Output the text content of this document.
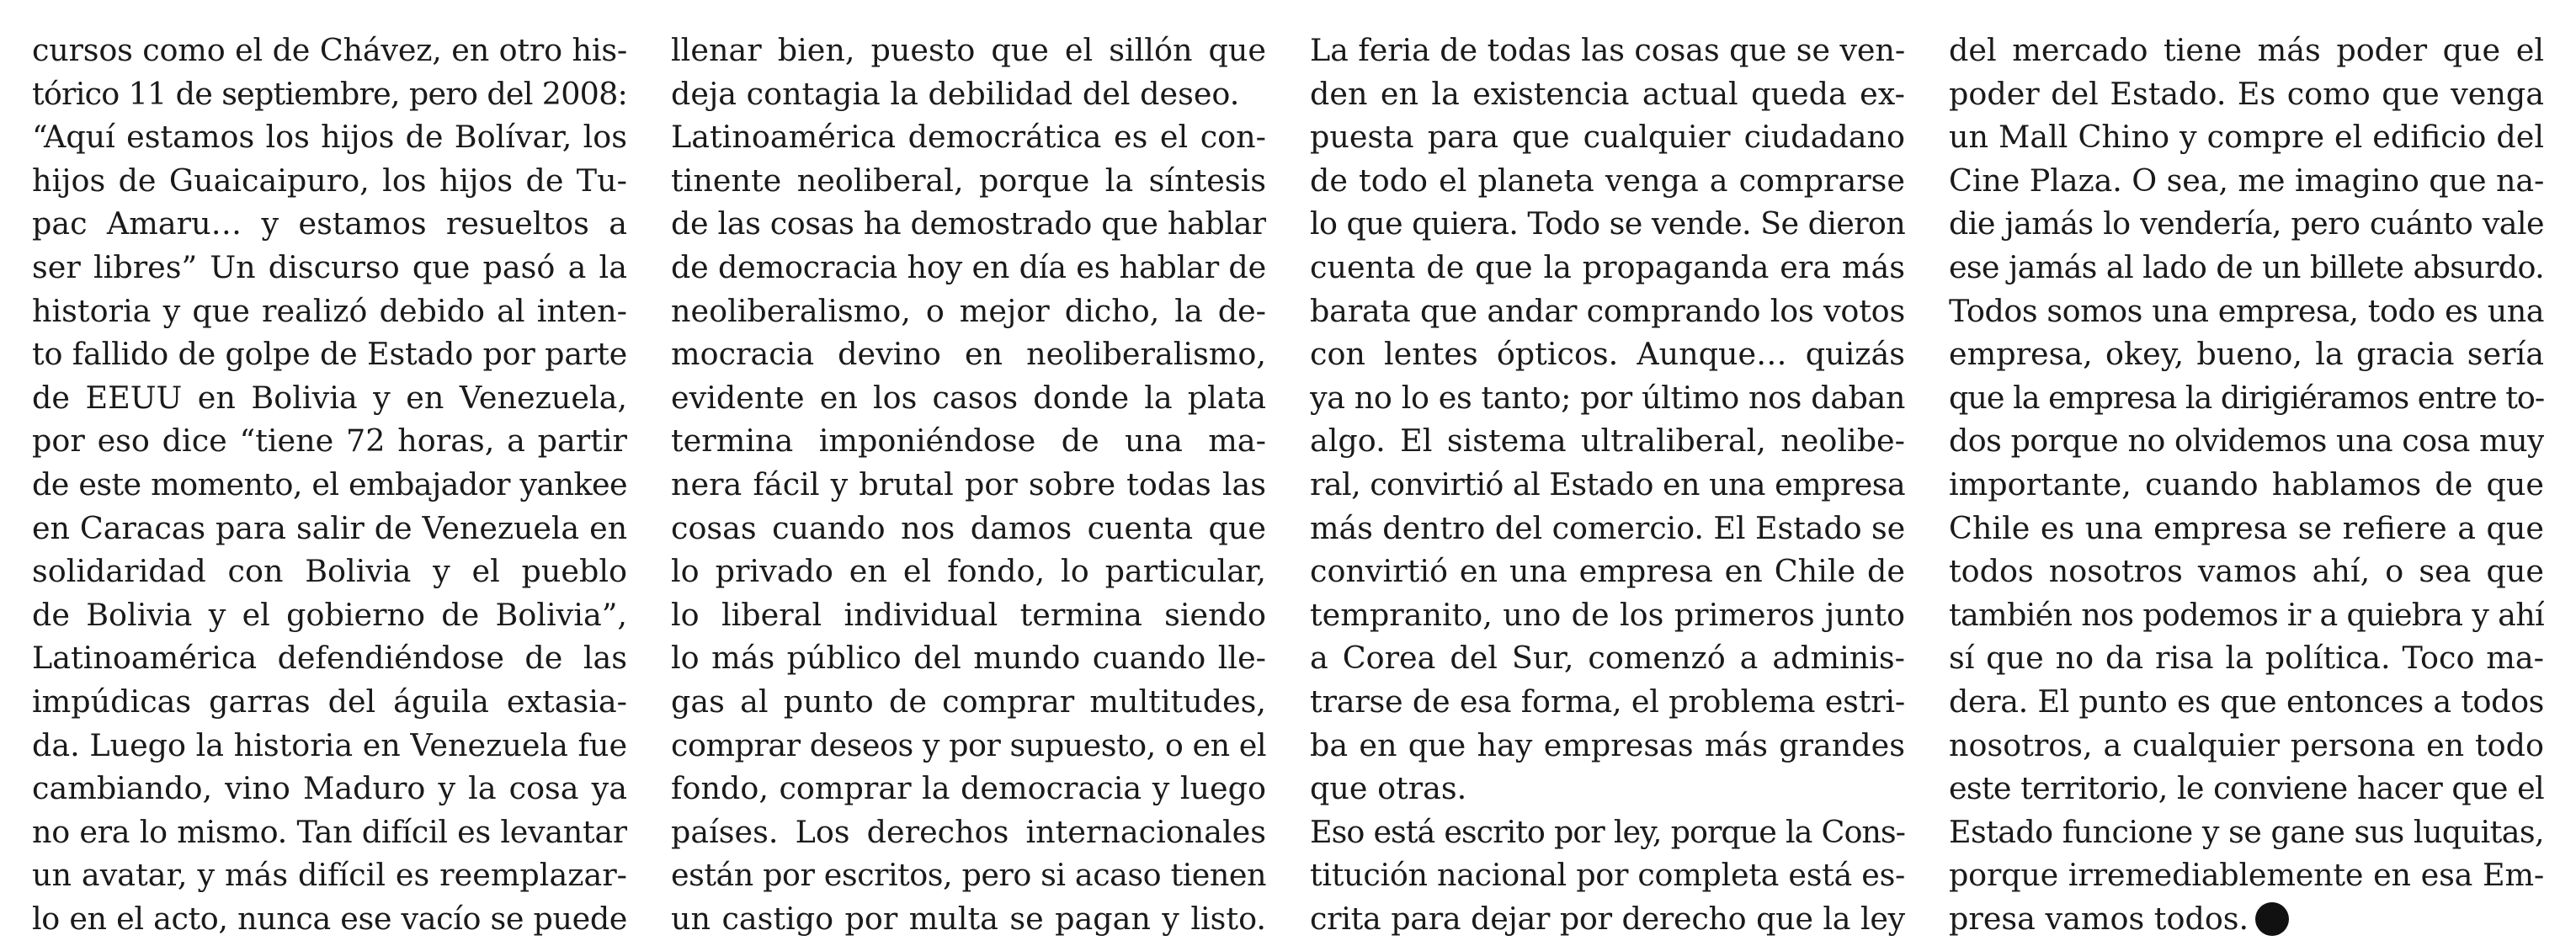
cursos como el de Chávez, en otro his-
tórico 11 de septiembre, pero del 2008:
“Aquí estamos los hijos de Bolívar, los
hijos de Guaicaipuro, los hijos de Tu-
pac Amaru… y estamos resueltos a
ser libres” Un discurso que pasó a la
historia y que realizó debido al inten-
to fallido de golpe de Estado por parte
de EEUU en Bolivia y en Venezuela,
por eso dice “tiene 72 horas, a partir
de este momento, el embajador yankee
en Caracas para salir de Venezuela en
solidaridad con Bolivia y el pueblo
de Bolivia y el gobierno de Bolivia”,
Latinoamérica defendiéndose de las
impúdicas garras del águila extasia-
da. Luego la historia en Venezuela fue
cambiando, vino Maduro y la cosa ya
no era lo mismo. Tan difícil es levantar
un avatar, y más difícil es reemplazar-
lo en el acto, nunca ese vacío se puede
llenar bien, puesto que el sillón que
deja contagia la debilidad del deseo.
Latinoamérica democrática es el con-
tinente neoliberal, porque la síntesis
de las cosas ha demostrado que hablar
de democracia hoy en día es hablar de
neoliberalismo, o mejor dicho, la de-
mocracia devino en neoliberalismo,
evidente en los casos donde la plata
termina imponiéndose de una ma-
nera fácil y brutal por sobre todas las
cosas cuando nos damos cuenta que
lo privado en el fondo, lo particular,
lo liberal individual termina siendo
lo más público del mundo cuando lle-
gas al punto de comprar multitudes,
comprar deseos y por supuesto, o en el
fondo, comprar la democracia y luego
países. Los derechos internacionales
están por escritos, pero si acaso tienen
un castigo por multa se pagan y listo.
La feria de todas las cosas que se ven-
den en la existencia actual queda ex-
puesta para que cualquier ciudadano
de todo el planeta venga a comprarse
lo que quiera. Todo se vende. Se dieron
cuenta de que la propaganda era más
barata que andar comprando los votos
con lentes ópticos. Aunque… quizás
ya no lo es tanto; por último nos daban
algo. El sistema ultraliberal, neolibe-
ral, convirtió al Estado en una empresa
más dentro del comercio. El Estado se
convirtió en una empresa en Chile de
tempranito, uno de los primeros junto
a Corea del Sur, comenzó a adminis-
trarse de esa forma, el problema estri-
ba en que hay empresas más grandes
que otras.
Eso está escrito por ley, porque la Cons-
titución nacional por completa está es-
crita para dejar por derecho que la ley
del mercado tiene más poder que el
poder del Estado. Es como que venga
un Mall Chino y compre el edificio del
Cine Plaza. O sea, me imagino que na-
die jamás lo vendería, pero cuánto vale
ese jamás al lado de un billete absurdo.
Todos somos una empresa, todo es una
empresa, okey, bueno, la gracia sería
que la empresa la dirigiéramos entre to-
dos porque no olvidemos una cosa muy
importante, cuando hablamos de que
Chile es una empresa se refiere a que
todos nosotros vamos ahí, o sea que
también nos podemos ir a quiebra y ahí
sí que no da risa la política. Toco ma-
dera. El punto es que entonces a todos
nosotros, a cualquier persona en todo
este territorio, le conviene hacer que el
Estado funcione y se gane sus luquitas,
porque irremediablemente en esa Em-
presa vamos todos.
